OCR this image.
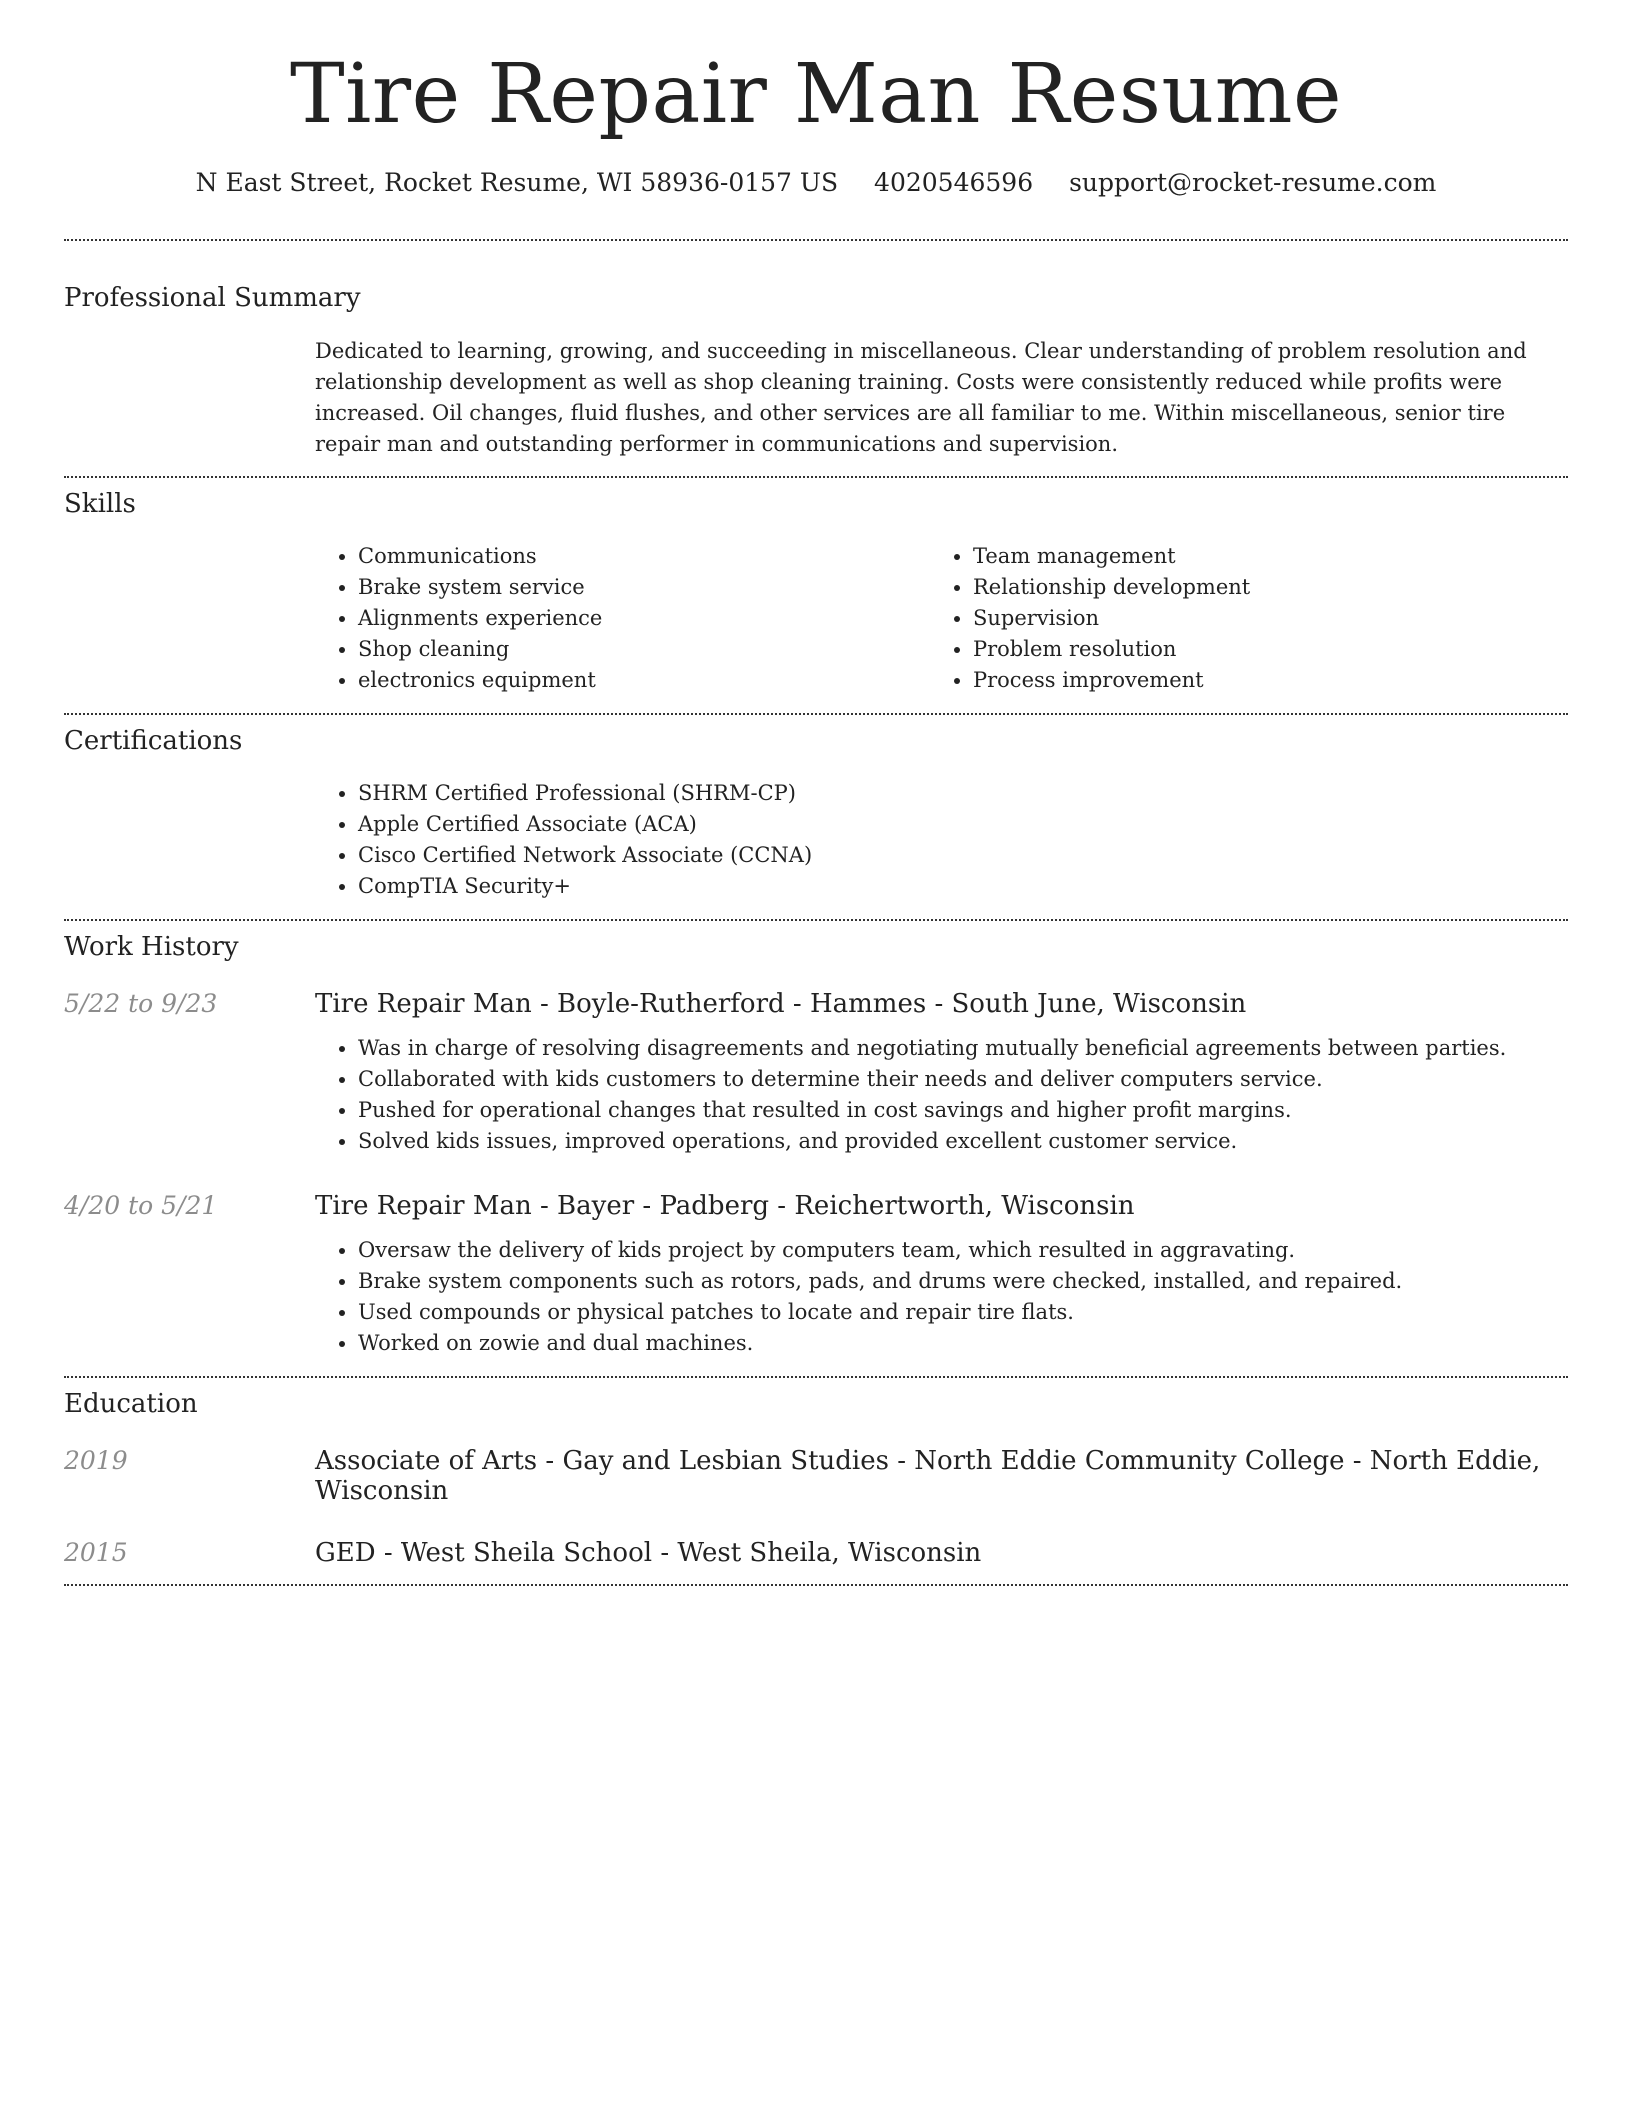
Tire Repair Man Resume
N East Street, Rocket Resume, WI 58936-0157 US 4020546596 support@rocket-resume.com
Professional Summary
Dedicated to learning, growing, and succeeding in miscellaneous. Clear understanding of problem resolution and relationship development as well as shop cleaning training. Costs were consistently reduced while profits were increased. Oil changes, fluid flushes, and other services are all familiar to me. Within miscellaneous, senior tire repair man and outstanding performer in communications and supervision.
Skills
• Communications
• Brake system service
• Alignments experience
• Shop cleaning
• electronics equipment
• Team management
• Relationship development
• Supervision
• Problem resolution
• Process improvement
Certifications
• SHRM Certified Professional (SHRM-CP)
• Apple Certified Associate (ACA)
• Cisco Certified Network Associate (CCNA)
• CompTIA Security+
Work History
5/22 to 9/23	Tire Repair Man - Boyle-Rutherford - Hammes - South June, Wisconsin
• Was in charge of resolving disagreements and negotiating mutually beneficial agreements between parties.
• Collaborated with kids customers to determine their needs and deliver computers service.
• Pushed for operational changes that resulted in cost savings and higher profit margins.
• Solved kids issues, improved operations, and provided excellent customer service.
4/20 to 5/21	Tire Repair Man - Bayer - Padberg - Reichertworth, Wisconsin
• Oversaw the delivery of kids project by computers team, which resulted in aggravating.
• Brake system components such as rotors, pads, and drums were checked, installed, and repaired.
• Used compounds or physical patches to locate and repair tire flats.
• Worked on zowie and dual machines.
Education
2019	Associate of Arts - Gay and Lesbian Studies - North Eddie Community College - North Eddie, Wisconsin
2015	GED - West Sheila School - West Sheila, Wisconsin
